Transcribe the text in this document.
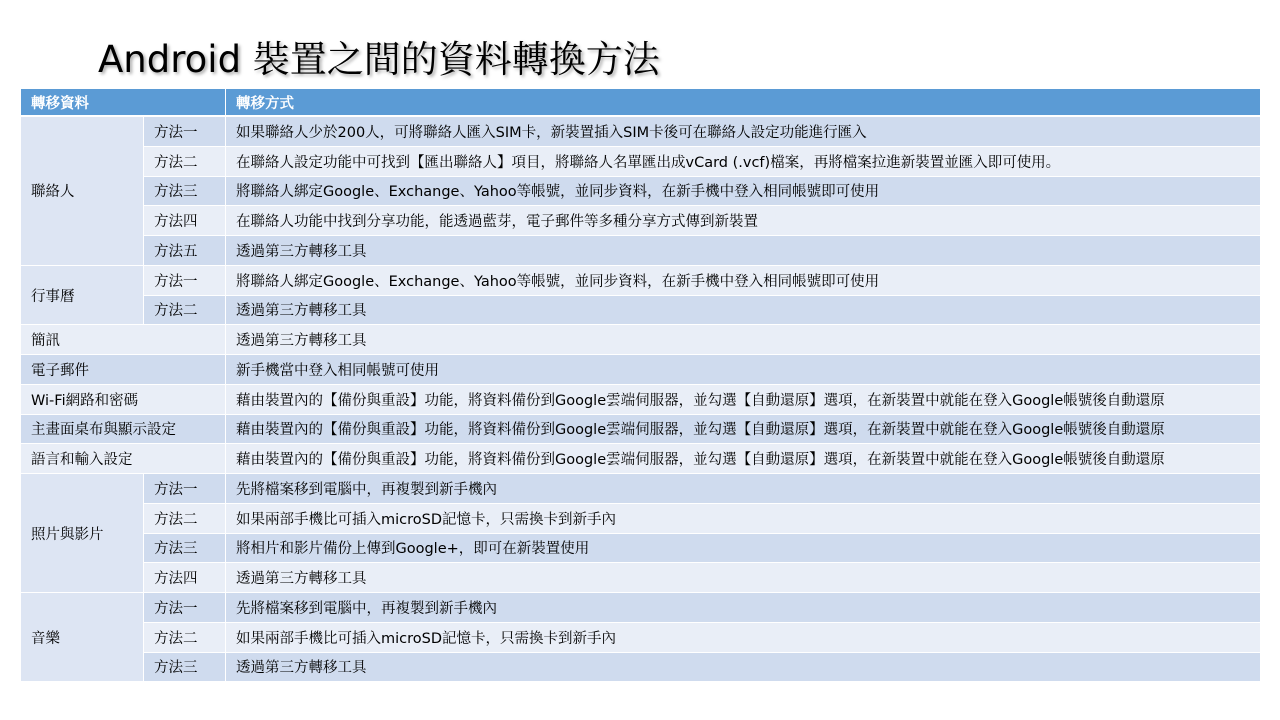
Android 裝置之間的資料轉換方法
轉移資料		轉移方式
聯絡人	方法一	如果聯絡人少於200人，可將聯絡人匯入SIM卡，新裝置插入SIM卡後可在聯絡人設定功能進行匯入
	方法二	在聯絡人設定功能中可找到【匯出聯絡人】項目，將聯絡人名單匯出成vCard (.vcf)檔案，再將檔案拉進新裝置並匯入即可使用。
	方法三	將聯絡人綁定Google、Exchange、Yahoo等帳號，並同步資料，在新手機中登入相同帳號即可使用
	方法四	在聯絡人功能中找到分享功能，能透過藍芽，電子郵件等多種分享方式傳到新裝置
	方法五	透過第三方轉移工具
行事曆	方法一	將聯絡人綁定Google、Exchange、Yahoo等帳號，並同步資料，在新手機中登入相同帳號即可使用
	方法二	透過第三方轉移工具
簡訊		透過第三方轉移工具
電子郵件		新手機當中登入相同帳號可使用
Wi-Fi網路和密碼		藉由裝置內的【備份與重設】功能，將資料備份到Google雲端伺服器，並勾選【自動還原】選項，在新裝置中就能在登入Google帳號後自動還原
主畫面桌布與顯示設定		藉由裝置內的【備份與重設】功能，將資料備份到Google雲端伺服器，並勾選【自動還原】選項，在新裝置中就能在登入Google帳號後自動還原
語言和輸入設定		藉由裝置內的【備份與重設】功能，將資料備份到Google雲端伺服器，並勾選【自動還原】選項，在新裝置中就能在登入Google帳號後自動還原
照片與影片	方法一	先將檔案移到電腦中，再複製到新手機內
	方法二	如果兩部手機比可插入microSD記憶卡，只需換卡到新手內
	方法三	將相片和影片備份上傳到Google+，即可在新裝置使用
	方法四	透過第三方轉移工具
音樂	方法一	先將檔案移到電腦中，再複製到新手機內
	方法二	如果兩部手機比可插入microSD記憶卡，只需換卡到新手內
	方法三	透過第三方轉移工具
